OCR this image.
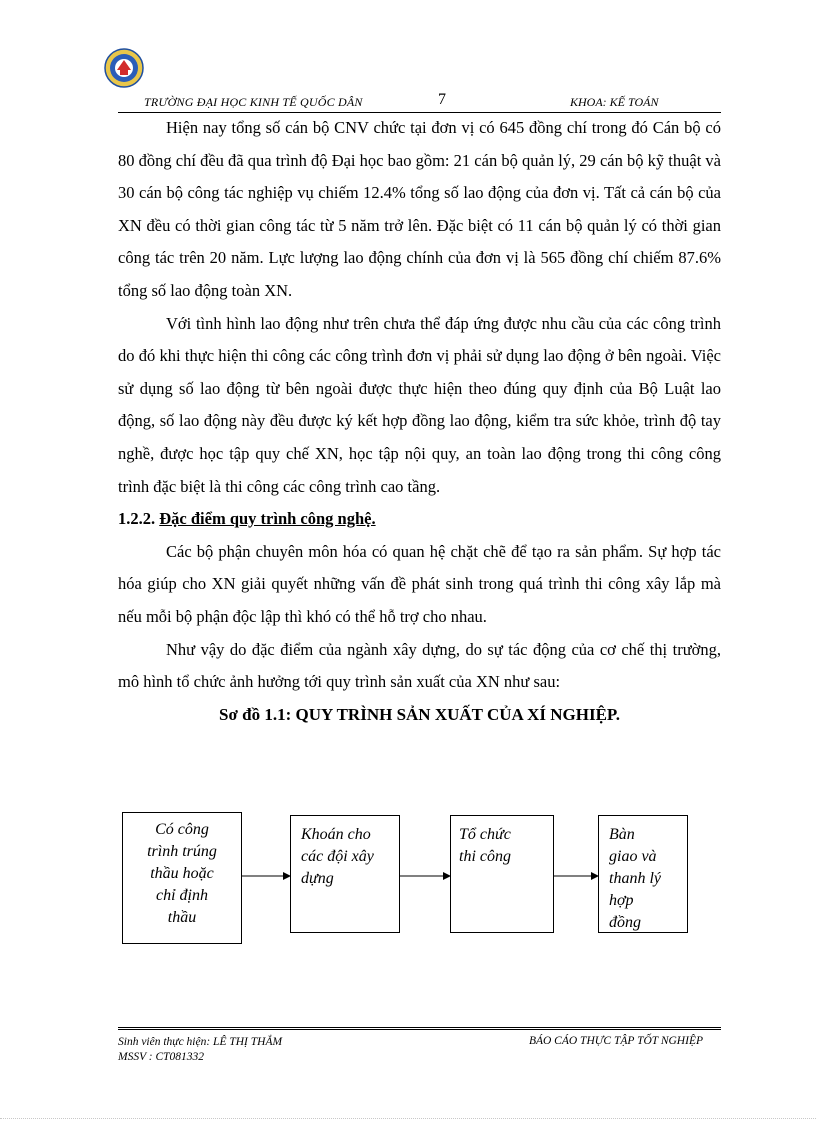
TRƯỜNG ĐẠI HỌC KINH TẾ QUỐC DÂN	7	KHOA: KẾ TOÁN

Hiện nay tổng số cán bộ CNV chức tại đơn vị có 645 đồng chí trong đó Cán bộ có 80 đồng chí đều đã qua trình độ Đại học bao gồm: 21 cán bộ quản lý, 29 cán bộ kỹ thuật và 30 cán bộ công tác nghiệp vụ chiếm 12.4% tổng số lao động của đơn vị. Tất cả cán bộ của XN đều có thời gian công tác từ 5 năm trở lên. Đặc biệt có 11 cán bộ quản lý có thời gian công tác trên 20 năm. Lực lượng lao động chính của đơn vị là 565 đồng chí chiếm 87.6% tổng số lao động toàn XN.

Với tình hình lao động như trên chưa thể đáp ứng được nhu cầu của các công trình do đó khi thực hiện thi công các công trình đơn vị phải sử dụng lao động ở bên ngoài. Việc sử dụng số lao động từ bên ngoài được thực hiện theo đúng quy định của Bộ Luật lao động, số lao động này đều được ký kết hợp đồng lao động, kiểm tra sức khỏe, trình độ tay nghề, được học tập quy chế XN, học tập nội quy, an toàn lao động trong thi công công trình đặc biệt là thi công các công trình cao tầng.

1.2.2. Đặc điểm quy trình công nghệ.

Các bộ phận chuyên môn hóa có quan hệ chặt chẽ để tạo ra sản phẩm. Sự hợp tác hóa giúp cho XN giải quyết những vấn đề phát sinh trong quá trình thi công xây lắp mà nếu mỗi bộ phận độc lập thì khó có thể hỗ trợ cho nhau.

Như vậy do đặc điểm của ngành xây dựng, do sự tác động của cơ chế thị trường, mô hình tổ chức ảnh hưởng tới quy trình sản xuất của XN như sau:

Sơ đồ 1.1: QUY TRÌNH SẢN XUẤT CỦA XÍ NGHIỆP.

Có công
trình trúng
thầu hoặc
chỉ định
thầu
Khoán cho
các đội xây
dựng
Tổ chức
thi công
Bàn
giao và
thanh lý
hợp
đồng
Sinh viên thực hiện: LÊ THỊ THẮM
MSSV : CT081332
BÁO CÁO THỰC TẬP TỐT NGHIỆP
